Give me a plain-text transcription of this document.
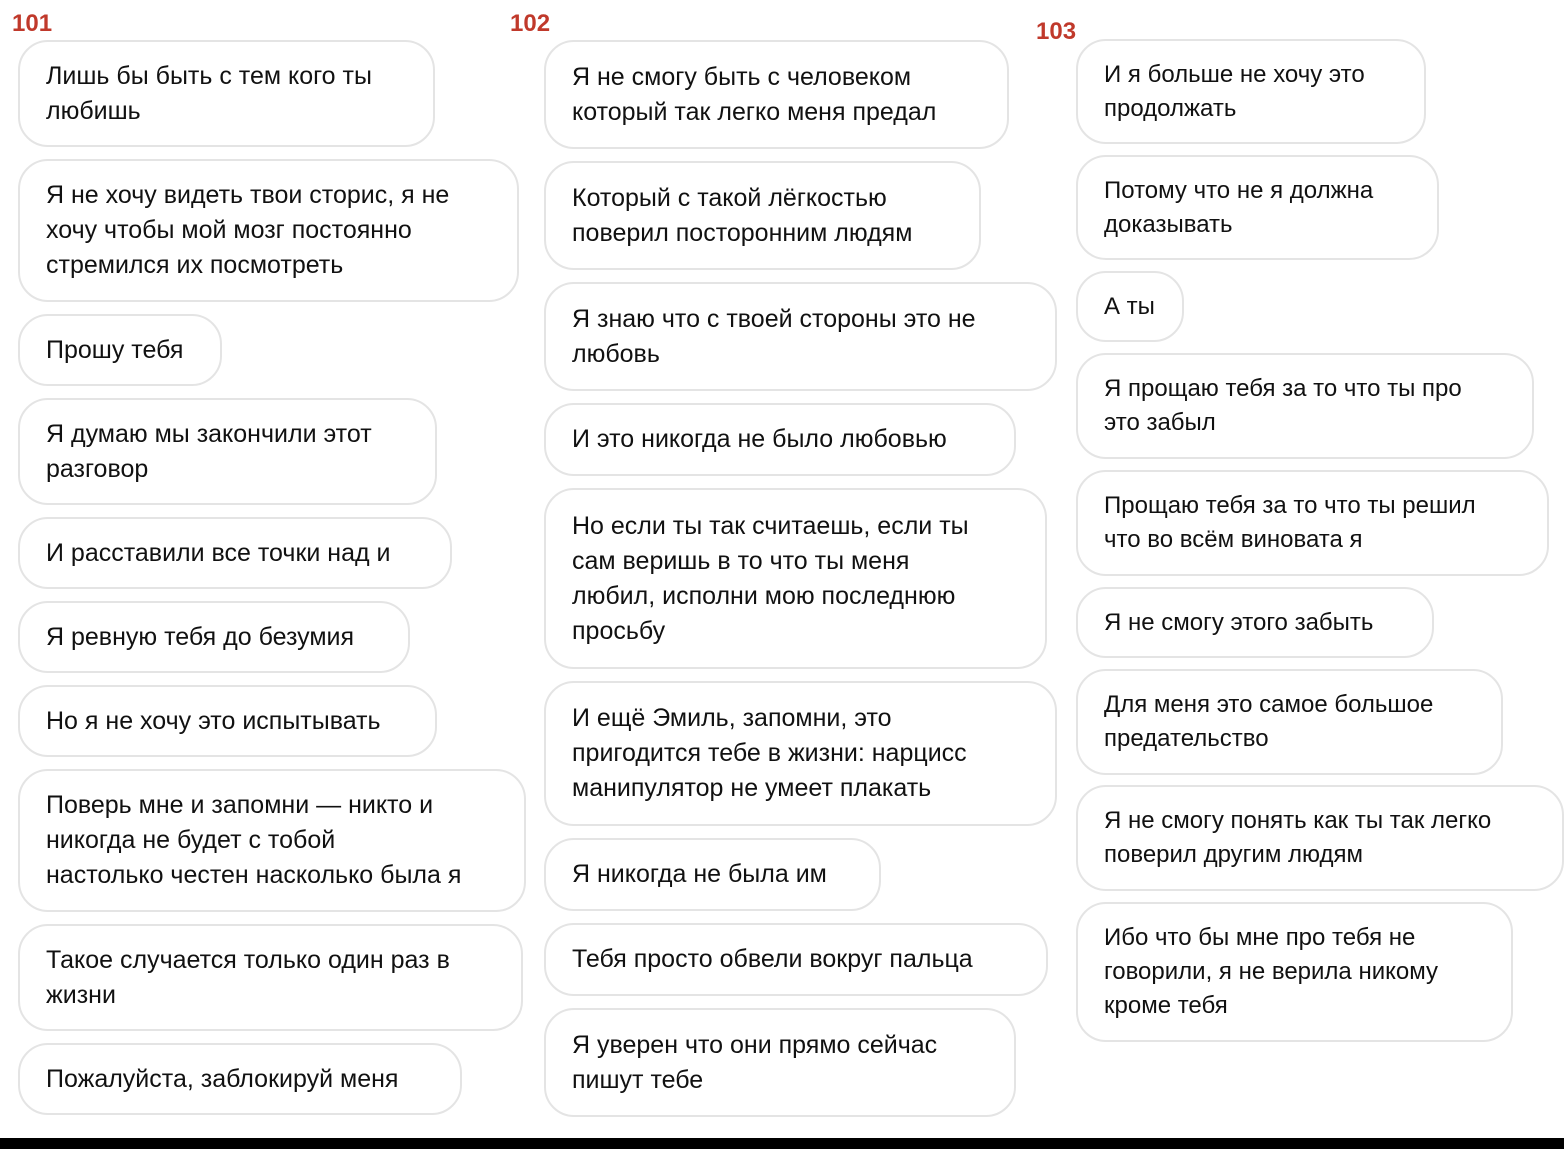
101
Лишь бы быть с тем кого ты
любишь
Я не хочу видеть твои сторис, я не
хочу чтобы мой мозг постоянно
стремился их посмотреть
Прошу тебя
Я думаю мы закончили этот
разговор
И расставили все точки над и
Я ревную тебя до безумия
Но я не хочу это испытывать
Поверь мне и запомни — никто и
никогда не будет с тобой
настолько честен насколько была я
Такое случается только один раз в
жизни
Пожалуйста, заблокируй меня
102
Я не смогу быть с человеком
который так легко меня предал
Который с такой лёгкостью
поверил посторонним людям
Я знаю что с твоей стороны это не
любовь
И это никогда не было любовью
Но если ты так считаешь, если ты
сам веришь в то что ты меня
любил, исполни мою последнюю
просьбу
И ещё Эмиль, запомни, это
пригодится тебе в жизни: нарцисс
манипулятор не умеет плакать
Я никогда не была им
Тебя просто обвели вокруг пальца
Я уверен что они прямо сейчас
пишут тебе
103
И я больше не хочу это
продолжать
Потому что не я должна
доказывать
А ты
Я прощаю тебя за то что ты про
это забыл
Прощаю тебя за то что ты решил
что во всём виновата я
Я не смогу этого забыть
Для меня это самое большое
предательство
Я не смогу понять как ты так легко
поверил другим людям
Ибо что бы мне про тебя не
говорили, я не верила никому
кроме тебя
